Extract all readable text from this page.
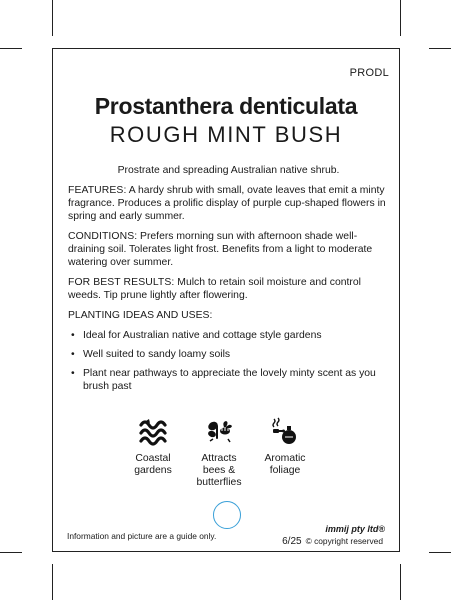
PRODL
Prostanthera denticulata
ROUGH MINT BUSH

Prostrate and spreading Australian native shrub.

FEATURES: A hardy shrub with small, ovate leaves that emit a minty fragrance. Produces a prolific display of purple cup-shaped flowers in spring and early summer.

CONDITIONS: Prefers morning sun with afternoon shade well-draining soil. Tolerates light frost. Benefits from a light to moderate watering over summer.

FOR BEST RESULTS: Mulch to retain soil moisture and control weeds. Tip prune lightly after flowering.

PLANTING IDEAS AND USES:

• Ideal for Australian native and cottage style gardens
• Well suited to sandy loamy soils
• Plant near pathways to appreciate the lovely minty scent as you brush past
Coastal
gardens
Attracts
bees &
butterflies
Aromatic
foliage
Information and picture are a guide only.
immij pty ltd®
6/25 © copyright reserved
